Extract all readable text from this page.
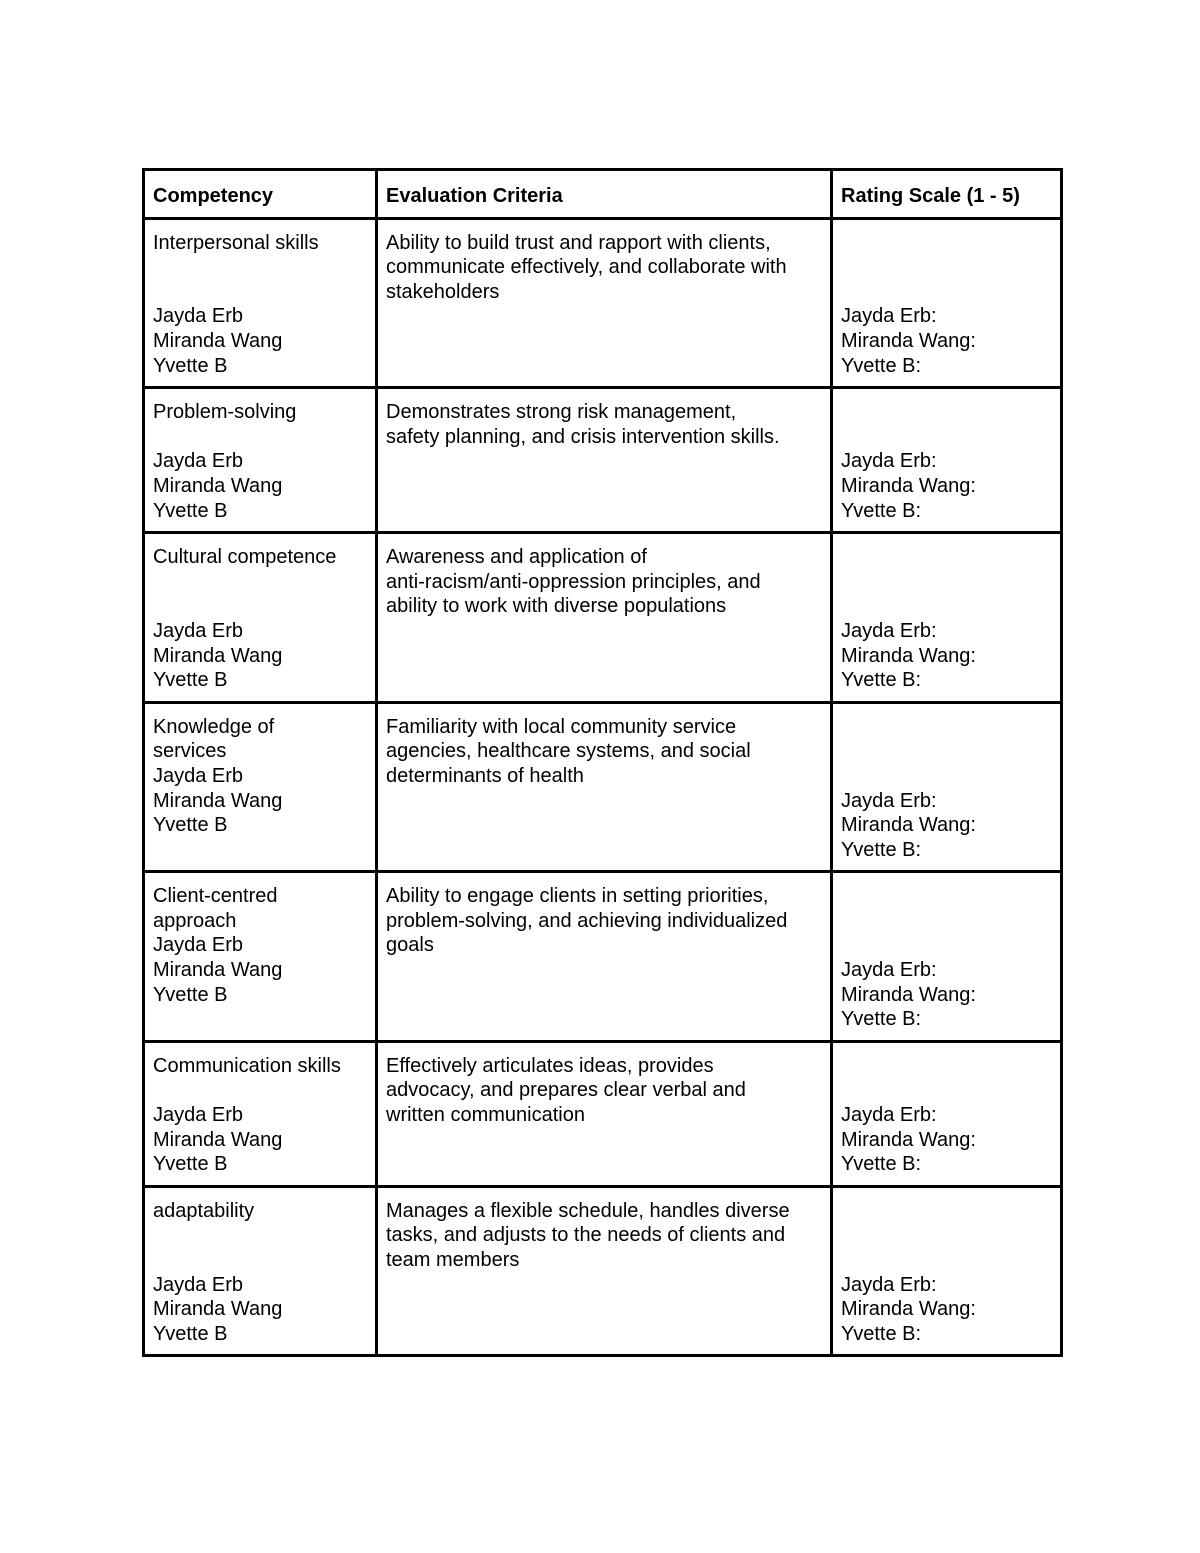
Competency	Evaluation Criteria	Rating Scale (1 - 5)

Interpersonal skills
Jayda Erb
Miranda Wang
Yvette B	Ability to build trust and rapport with clients,
communicate effectively, and collaborate with
stakeholders	Jayda Erb:
Miranda Wang:
Yvette B:

Problem-solving
Jayda Erb
Miranda Wang
Yvette B	Demonstrates strong risk management,
safety planning, and crisis intervention skills.	Jayda Erb:
Miranda Wang:
Yvette B:

Cultural competence
Jayda Erb
Miranda Wang
Yvette B	Awareness and application of
anti-racism/anti-oppression principles, and
ability to work with diverse populations	Jayda Erb:
Miranda Wang:
Yvette B:

Knowledge of
services
Jayda Erb
Miranda Wang
Yvette B	Familiarity with local community service
agencies, healthcare systems, and social
determinants of health	Jayda Erb:
Miranda Wang:
Yvette B:

Client-centred
approach
Jayda Erb
Miranda Wang
Yvette B	Ability to engage clients in setting priorities,
problem-solving, and achieving individualized
goals	Jayda Erb:
Miranda Wang:
Yvette B:

Communication skills
Jayda Erb
Miranda Wang
Yvette B	Effectively articulates ideas, provides
advocacy, and prepares clear verbal and
written communication	Jayda Erb:
Miranda Wang:
Yvette B:

adaptability
Jayda Erb
Miranda Wang
Yvette B	Manages a flexible schedule, handles diverse
tasks, and adjusts to the needs of clients and
team members	Jayda Erb:
Miranda Wang:
Yvette B:
